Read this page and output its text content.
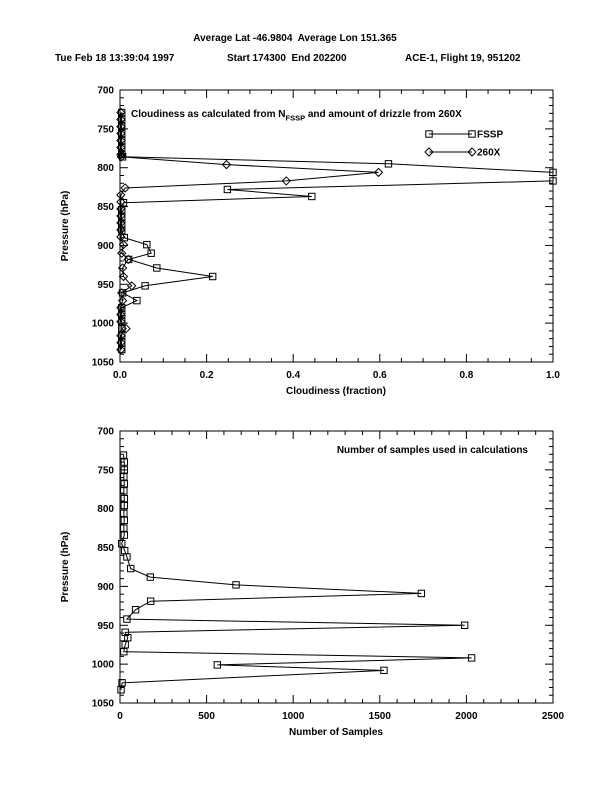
Average Lat -46.9804  Average Lon 151.365
Tue Feb 18 13:39:04 1997	Start 174300  End 202200	ACE-1, Flight 19, 951202
0.0	0.2	0.4	0.6	0.8	1.0
700
750
800
850
900
950
1000
1050
Cloudiness (fraction)
Pressure (hPa)
Cloudiness as calculated from $N_{FSSP}$ and amount of drizzle from 260X
FSSP
260X
0	500	1000	1500	2000	2500
700
750
800
850
900
950
1000
1050
Number of Samples
Pressure (hPa)
Number of samples used in calculations
